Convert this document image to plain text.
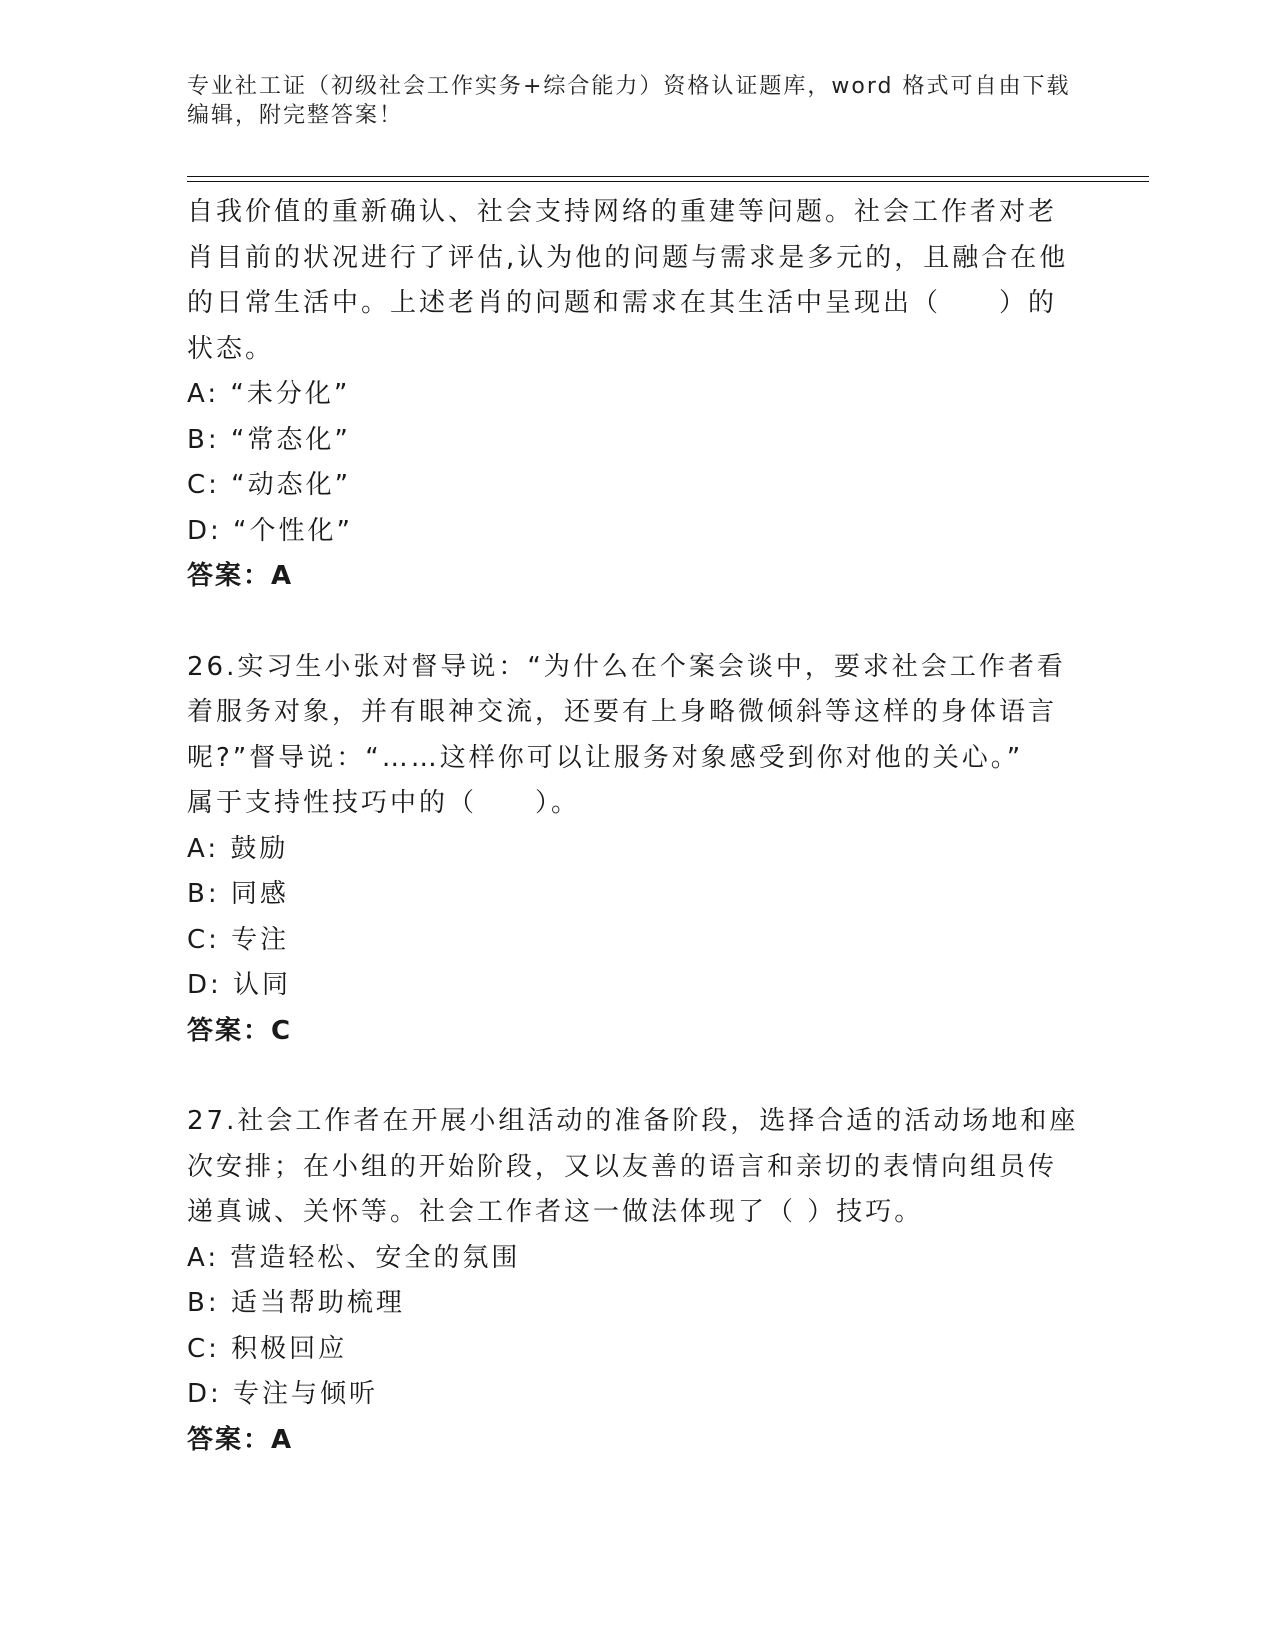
专业社工证（初级社会工作实务+综合能力）资格认证题库，word 格式可自由下载
编辑，附完整答案！

自我价值的重新确认、社会支持网络的重建等问题。社会工作者对老

肖目前的状况进行了评估,认为他的问题与需求是多元的，且融合在他

的日常生活中。上述老肖的问题和需求在其生活中呈现出（　　）的

状态。

A: “未分化”

B: “常态化”

C: “动态化”

D: “个性化”

答案：A

26.实习生小张对督导说：“为什么在个案会谈中，要求社会工作者看

着服务对象，并有眼神交流，还要有上身略微倾斜等这样的身体语言

呢?”督导说：“……这样你可以让服务对象感受到你对他的关心。”

属于支持性技巧中的（　　）。

A: 鼓励

B: 同感

C: 专注

D: 认同

答案：C

27.社会工作者在开展小组活动的准备阶段，选择合适的活动场地和座

次安排；在小组的开始阶段，又以友善的语言和亲切的表情向组员传

递真诚、关怀等。社会工作者这一做法体现了（ ）技巧。

A: 营造轻松、安全的氛围

B: 适当帮助梳理

C: 积极回应

D: 专注与倾听

答案：A
